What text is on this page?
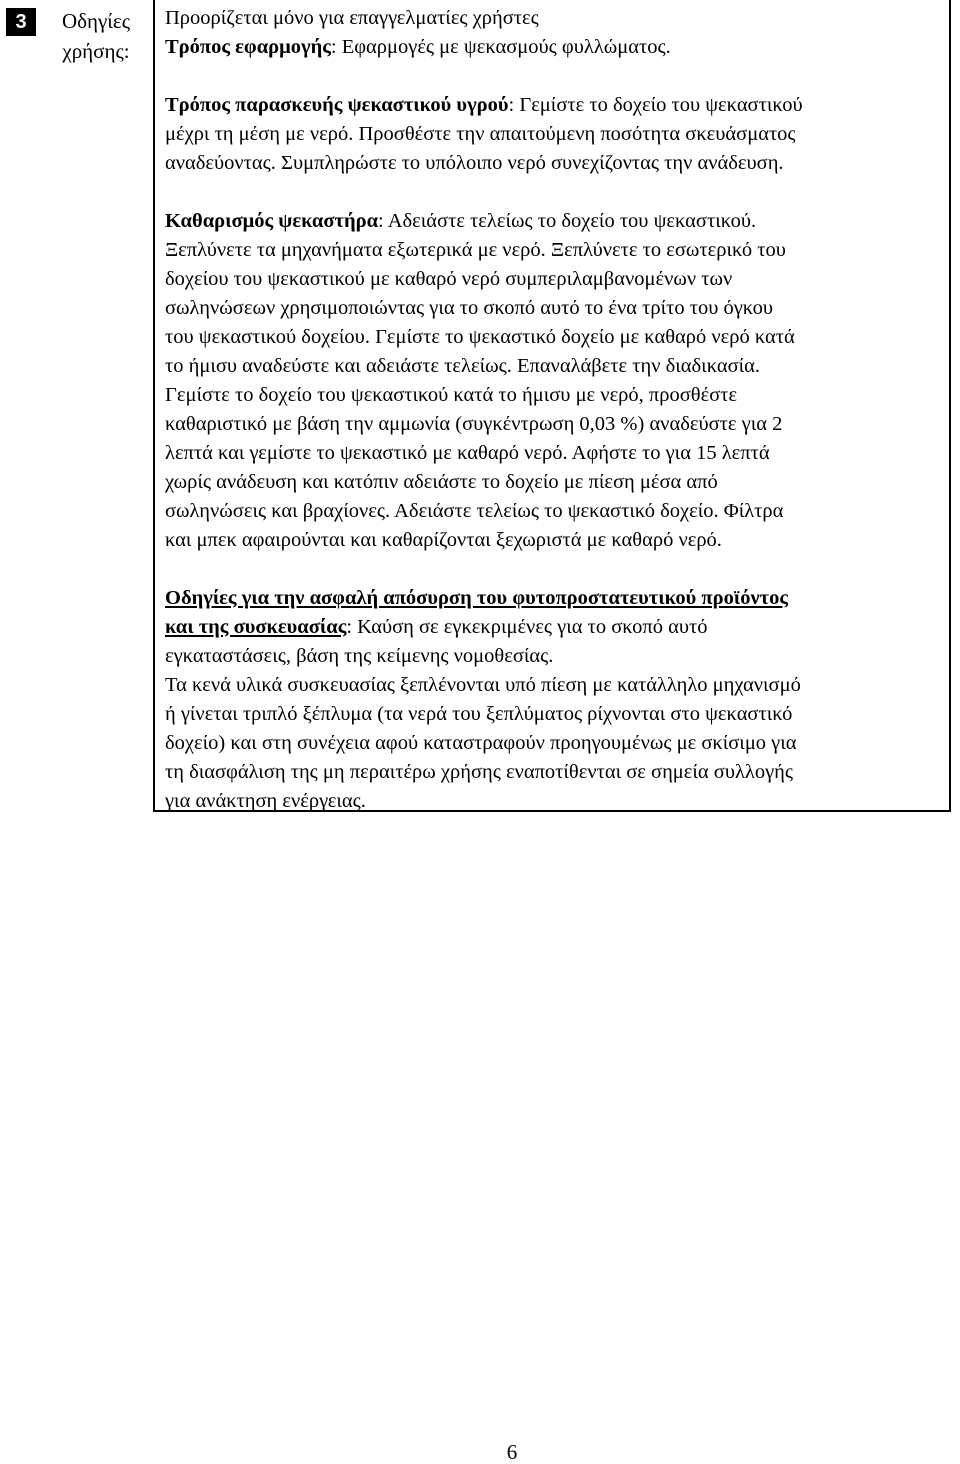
3	Οδηγίες
χρήσης:
Προορίζεται μόνο για επαγγελματίες χρήστες
Τρόπος εφαρμογής: Εφαρμογές με ψεκασμούς φυλλώματος.
Τρόπος παρασκευής ψεκαστικού υγρού: Γεμίστε το δοχείο του ψεκαστικού
μέχρι τη μέση με νερό. Προσθέστε την απαιτούμενη ποσότητα σκευάσματος
αναδεύοντας. Συμπληρώστε το υπόλοιπο νερό συνεχίζοντας την ανάδευση.
Καθαρισμός ψεκαστήρα: Αδειάστε τελείως το δοχείο του ψεκαστικού.
Ξεπλύνετε τα μηχανήματα εξωτερικά με νερό. Ξεπλύνετε το εσωτερικό του
δοχείου του ψεκαστικού με καθαρό νερό συμπεριλαμβανομένων των
σωληνώσεων χρησιμοποιώντας για το σκοπό αυτό το ένα τρίτο του όγκου
του ψεκαστικού δοχείου. Γεμίστε το ψεκαστικό δοχείο με καθαρό νερό κατά
το ήμισυ αναδεύστε και αδειάστε τελείως. Επαναλάβετε την διαδικασία.
Γεμίστε το δοχείο του ψεκαστικού κατά το ήμισυ με νερό, προσθέστε
καθαριστικό με βάση την αμμωνία (συγκέντρωση 0,03 %) αναδεύστε για 2
λεπτά και γεμίστε το ψεκαστικό με καθαρό νερό. Αφήστε το για 15 λεπτά
χωρίς ανάδευση και κατόπιν αδειάστε το δοχείο με πίεση μέσα από
σωληνώσεις και βραχίονες. Αδειάστε τελείως το ψεκαστικό δοχείο. Φίλτρα
και μπεκ αφαιρούνται και καθαρίζονται ξεχωριστά με καθαρό νερό.
Οδηγίες για την ασφαλή απόσυρση του φυτοπροστατευτικού προϊόντος
και της συσκευασίας: Καύση σε εγκεκριμένες για το σκοπό αυτό
εγκαταστάσεις, βάση της κείμενης νομοθεσίας.
Τα κενά υλικά συσκευασίας ξεπλένονται υπό πίεση με κατάλληλο μηχανισμό
ή γίνεται τριπλό ξέπλυμα (τα νερά του ξεπλύματος ρίχνονται στο ψεκαστικό
δοχείο) και στη συνέχεια αφού καταστραφούν προηγουμένως με σκίσιμο για
τη διασφάλιση της μη περαιτέρω χρήσης εναποτίθενται σε σημεία συλλογής
για ανάκτηση ενέργειας.
6
